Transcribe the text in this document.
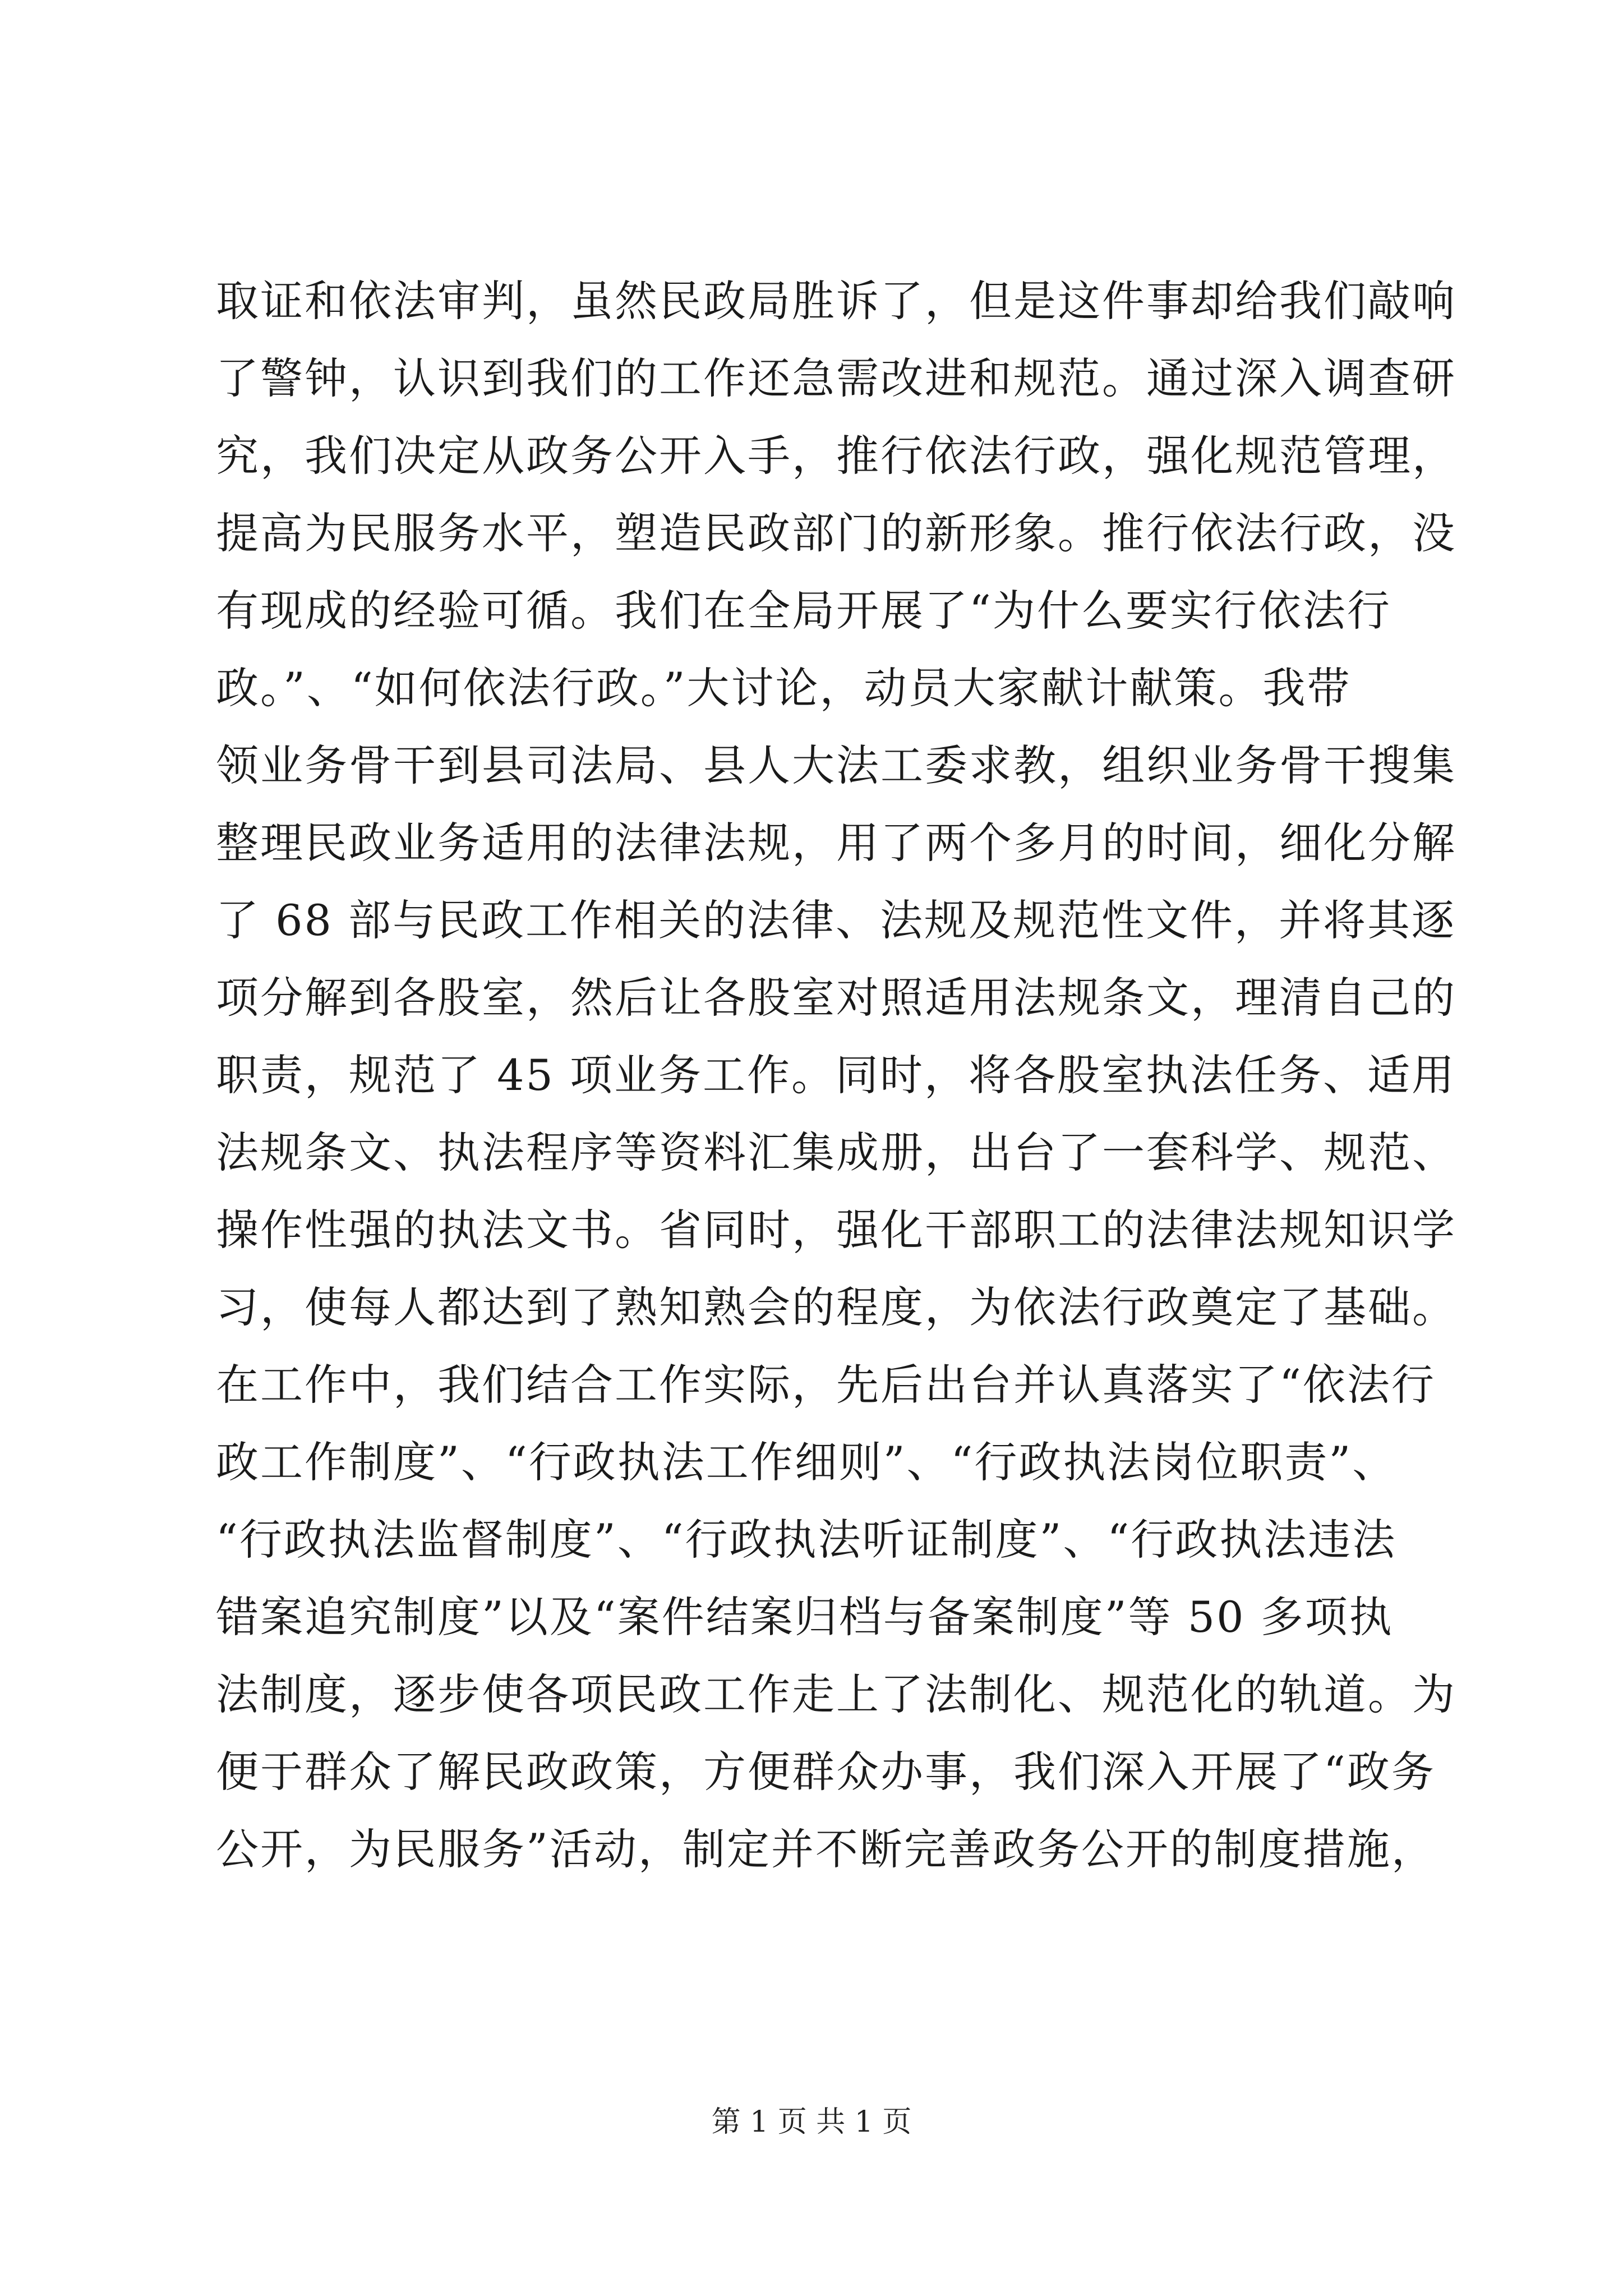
取证和依法审判，虽然民政局胜诉了，但是这件事却给我们敲响
了警钟，认识到我们的工作还急需改进和规范。通过深入调查研
究，我们决定从政务公开入手，推行依法行政，强化规范管理，
提高为民服务水平，塑造民政部门的新形象。推行依法行政，没
有现成的经验可循。我们在全局开展了“为什么要实行依法行
政。”、“如何依法行政。”大讨论，动员大家献计献策。我带
领业务骨干到县司法局、县人大法工委求教，组织业务骨干搜集
整理民政业务适用的法律法规，用了两个多月的时间，细化分解
了 68 部与民政工作相关的法律、法规及规范性文件，并将其逐
项分解到各股室，然后让各股室对照适用法规条文，理清自己的
职责，规范了 45 项业务工作。同时，将各股室执法任务、适用
法规条文、执法程序等资料汇集成册，出台了一套科学、规范、
操作性强的执法文书。省同时，强化干部职工的法律法规知识学
习，使每人都达到了熟知熟会的程度，为依法行政奠定了基础。
在工作中，我们结合工作实际，先后出台并认真落实了“依法行
政工作制度”、“行政执法工作细则”、“行政执法岗位职责”、
“行政执法监督制度”、“行政执法听证制度”、“行政执法违法
错案追究制度”以及“案件结案归档与备案制度”等 50 多项执
法制度，逐步使各项民政工作走上了法制化、规范化的轨道。为
便于群众了解民政政策，方便群众办事，我们深入开展了“政务
公开，为民服务”活动，制定并不断完善政务公开的制度措施，
第 1 页 共 1 页
